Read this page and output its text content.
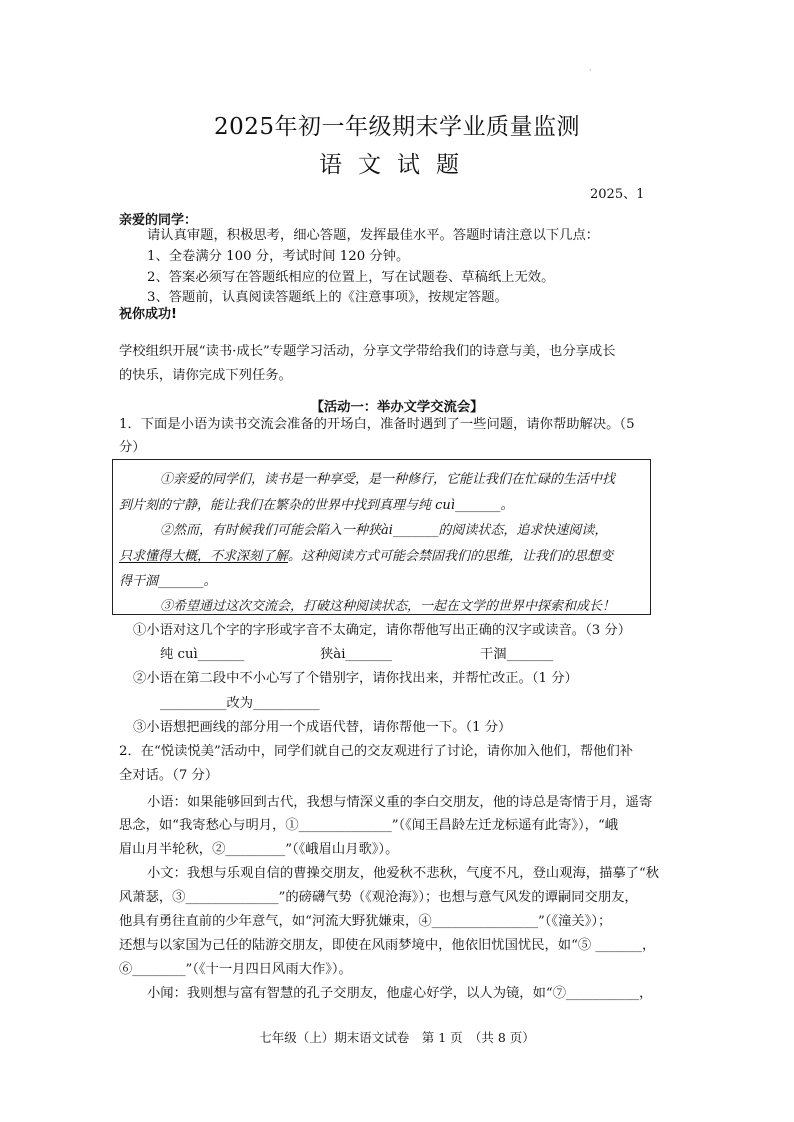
·
2025年初一年级期末学业质量监测
语文试题
2025、1
亲爱的同学：
请认真审题，积极思考，细心答题，发挥最佳水平。答题时请注意以下几点：
1、全卷满分 100 分，考试时间 120 分钟。
2、答案必须写在答题纸相应的位置上，写在试题卷、草稿纸上无效。
3、答题前，认真阅读答题纸上的《注意事项》，按规定答题。
祝你成功!
学校组织开展“读书·成长”专题学习活动，分享文学带给我们的诗意与美，也分享成长
的快乐，请你完成下列任务。
【活动一：举办文学交流会】
1．下面是小语为读书交流会准备的开场白，准备时遇到了一些问题，请你帮助解决。（5
分）
①亲爱的同学们，读书是一种享受，是一种修行，它能让我们在忙碌的生活中找
到片刻的宁静，能让我们在繁杂的世界中找到真理与纯 cuì_______。
②然而，有时候我们可能会陷入一种狭ài_______的阅读状态，追求快速阅读，
只求懂得大概，不求深刻了解。这种阅读方式可能会禁固我们的思维，让我们的思想变
得干涸_______。
③希望通过这次交流会，打破这种阅读状态，一起在文学的世界中探索和成长！
①小语对这几个字的字形或字音不太确定，请你帮他写出正确的汉字或读音。（3 分）
纯 cuì_______	狭ài_______	干涸_______
②小语在第二段中不小心写了个错别字，请你找出来，并帮忙改正。（1 分）
__________改为__________
③小语想把画线的部分用一个成语代替，请你帮他一下。（1 分）
2．在“悦读悦美”活动中，同学们就自己的交友观进行了讨论，请你加入他们，帮他们补
全对话。（7 分）
小语：如果能够回到古代，我想与情深义重的李白交朋友，他的诗总是寄情于月，遥寄
思念，如“我寄愁心与明月，①______________”（《闻王昌龄左迁龙标遥有此寄》），“峨
眉山月半轮秋，②_________”（《峨眉山月歌》）。
小文：我想与乐观自信的曹操交朋友，他爱秋不悲秋，气度不凡，登山观海，描摹了“秋
风萧瑟，③______________”的磅礴气势（《观沧海》）；也想与意气风发的谭嗣同交朋友，
他具有勇往直前的少年意气，如“河流大野犹嫌束，④________________”（《潼关》）；
还想与以家国为己任的陆游交朋友，即使在风雨梦境中，他依旧忧国忧民，如“⑤ _______，
⑥________”（《十一月四日风雨大作》）。
小闻：我则想与富有智慧的孔子交朋友，他虚心好学，以人为镜，如“⑦___________，
七年级（上）期末语文试卷　第 1 页　（共 8 页）
